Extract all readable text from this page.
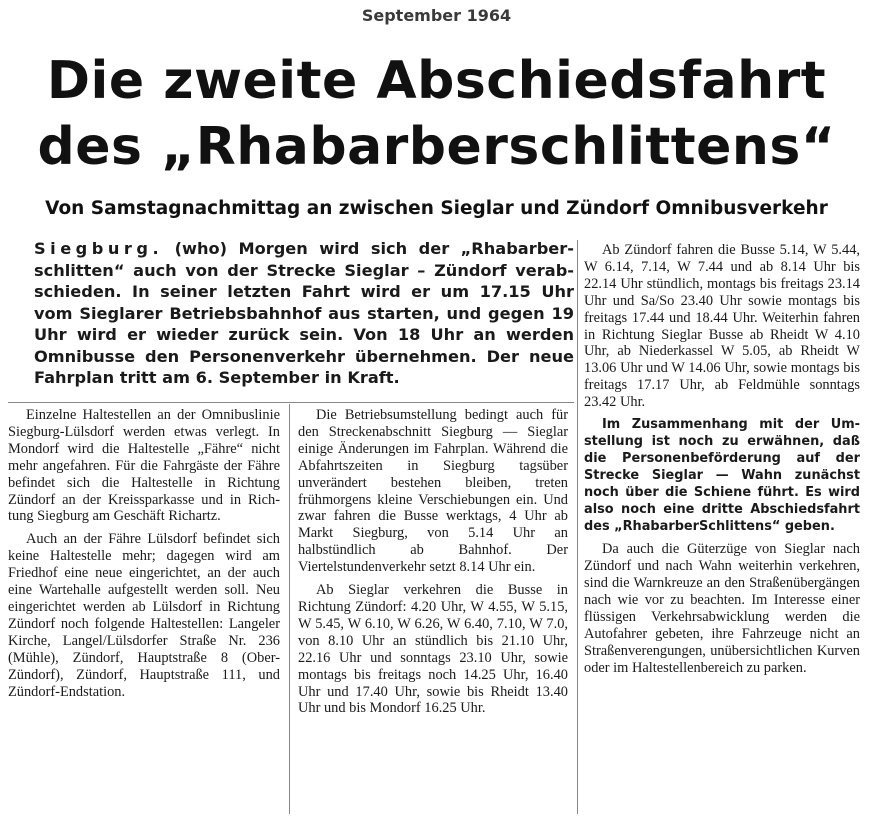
September 1964
Die zweite Abschiedsfahrt
des „Rhabarberschlittens“
Von Samstagnachmittag an zwischen Sieglar und Zündorf Omnibusverkehr
Siegburg. (who) Morgen wird sich der „Rhabarberschlitten“ auch von der Strecke Sieglar – Zündorf verabschieden. In seiner letzten Fahrt wird er um 17.15 Uhr vom Sieglarer Betriebsbahnhof aus starten, und gegen 19 Uhr wird er wieder zurück sein. Von 18 Uhr an werden Omnibusse den Personenverkehr übernehmen. Der neue Fahrplan tritt am 6. September in Kraft.

Einzelne Haltestellen an der Omnibuslinie Siegburg-Lülsdorf werden etwas verlegt. In Mondorf wird die Haltestelle „Fähre“ nicht mehr angefahren. Für die Fahrgäste der Fähre befindet sich die Haltestelle in Richtung Zündorf an der Kreissparkasse und in Richtung Siegburg am Geschäft Richartz.

Auch an der Fähre Lülsdorf befindet sich keine Haltestelle mehr; dagegen wird am Friedhof eine neue eingerichtet, an der auch eine Wartehalle aufgestellt werden soll. Neu eingerichtet werden ab Lülsdorf in Richtung Zündorf noch folgende Haltestellen: Langeler Kirche, Langel/Lülsdorfer Straße Nr. 236 (Mühle), Zündorf, Hauptstraße 8 (Ober-Zündorf), Zündorf, Hauptstraße 111, und Zündorf-Endstation.

Die Betriebsumstellung bedingt auch für den Streckenabschnitt Siegburg — Sieglar einige Änderungen im Fahrplan. Während die Abfahrtszeiten in Siegburg tagsüber unverändert bestehen bleiben, treten frühmorgens kleine Verschiebungen ein. Und zwar fahren die Busse werktags, 4 Uhr ab Markt Siegburg, von 5.14 Uhr an halbstündlich ab Bahnhof. Der Viertelstundenverkehr setzt 8.14 Uhr ein.

Ab Sieglar verkehren die Busse in Richtung Zündorf: 4.20 Uhr, W 4.55, W 5.15, W 5.45, W 6.10, W 6.26, W 6.40, 7.10, W 7.0, von 8.10 Uhr an stündlich bis 21.10 Uhr, 22.16 Uhr und sonntags 23.10 Uhr, sowie montags bis freitags noch 14.25 Uhr, 16.40 Uhr und 17.40 Uhr, sowie bis Rheidt 13.40 Uhr und bis Mondorf 16.25 Uhr.

Ab Zündorf fahren die Busse 5.14, W 5.44, W 6.14, 7.14, W 7.44 und ab 8.14 Uhr bis 22.14 Uhr stündlich, montags bis freitags 23.14 Uhr und Sa/So 23.40 Uhr sowie montags bis freitags 17.44 und 18.44 Uhr. Weiterhin fahren in Richtung Sieglar Busse ab Rheidt W 4.10 Uhr, ab Niederkassel W 5.05, ab Rheidt W 13.06 Uhr und W 14.06 Uhr, sowie montags bis freitags 17.17 Uhr, ab Feldmühle sonntags 23.42 Uhr.

Im Zusammenhang mit der Umstellung ist noch zu erwähnen, daß die Personenbeförderung auf der Strecke Sieglar — Wahn zunächst noch über die Schiene führt. Es wird also noch eine dritte Abschiedsfahrt des „RhabarberSchlittens“ geben.

Da auch die Güterzüge von Sieglar nach Zündorf und nach Wahn weiterhin verkehren, sind die Warnkreuze an den Straßenübergängen nach wie vor zu beachten. Im Interesse einer flüssigen Verkehrsabwicklung werden die Autofahrer gebeten, ihre Fahrzeuge nicht an Straßenverengungen, unübersichtlichen Kurven oder im Haltestellenbereich zu parken.
